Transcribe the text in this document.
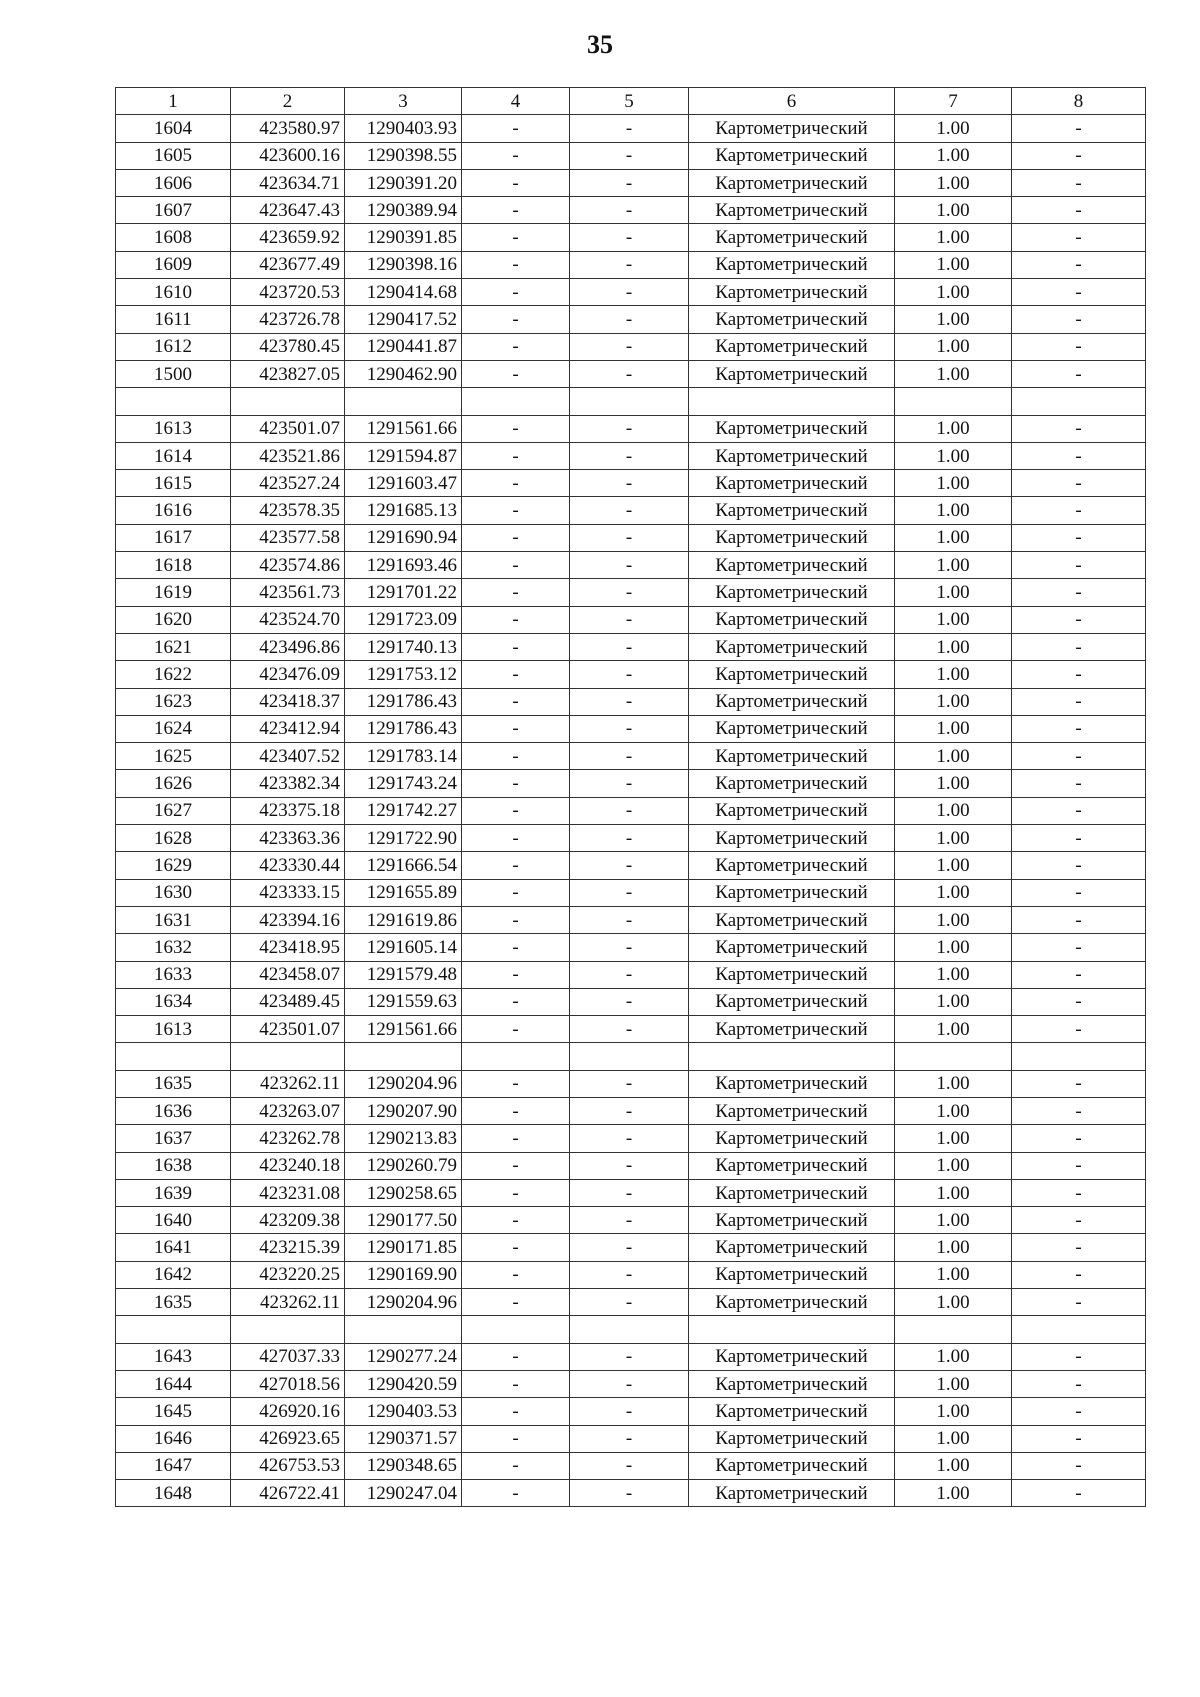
35
1	2	3	4	5	6	7	8
1604	423580.97	1290403.93	-	-	Картометрический	1.00	-
1605	423600.16	1290398.55	-	-	Картометрический	1.00	-
1606	423634.71	1290391.20	-	-	Картометрический	1.00	-
1607	423647.43	1290389.94	-	-	Картометрический	1.00	-
1608	423659.92	1290391.85	-	-	Картометрический	1.00	-
1609	423677.49	1290398.16	-	-	Картометрический	1.00	-
1610	423720.53	1290414.68	-	-	Картометрический	1.00	-
1611	423726.78	1290417.52	-	-	Картометрический	1.00	-
1612	423780.45	1290441.87	-	-	Картометрический	1.00	-
1500	423827.05	1290462.90	-	-	Картометрический	1.00	-

1613	423501.07	1291561.66	-	-	Картометрический	1.00	-
1614	423521.86	1291594.87	-	-	Картометрический	1.00	-
1615	423527.24	1291603.47	-	-	Картометрический	1.00	-
1616	423578.35	1291685.13	-	-	Картометрический	1.00	-
1617	423577.58	1291690.94	-	-	Картометрический	1.00	-
1618	423574.86	1291693.46	-	-	Картометрический	1.00	-
1619	423561.73	1291701.22	-	-	Картометрический	1.00	-
1620	423524.70	1291723.09	-	-	Картометрический	1.00	-
1621	423496.86	1291740.13	-	-	Картометрический	1.00	-
1622	423476.09	1291753.12	-	-	Картометрический	1.00	-
1623	423418.37	1291786.43	-	-	Картометрический	1.00	-
1624	423412.94	1291786.43	-	-	Картометрический	1.00	-
1625	423407.52	1291783.14	-	-	Картометрический	1.00	-
1626	423382.34	1291743.24	-	-	Картометрический	1.00	-
1627	423375.18	1291742.27	-	-	Картометрический	1.00	-
1628	423363.36	1291722.90	-	-	Картометрический	1.00	-
1629	423330.44	1291666.54	-	-	Картометрический	1.00	-
1630	423333.15	1291655.89	-	-	Картометрический	1.00	-
1631	423394.16	1291619.86	-	-	Картометрический	1.00	-
1632	423418.95	1291605.14	-	-	Картометрический	1.00	-
1633	423458.07	1291579.48	-	-	Картометрический	1.00	-
1634	423489.45	1291559.63	-	-	Картометрический	1.00	-
1613	423501.07	1291561.66	-	-	Картометрический	1.00	-

1635	423262.11	1290204.96	-	-	Картометрический	1.00	-
1636	423263.07	1290207.90	-	-	Картометрический	1.00	-
1637	423262.78	1290213.83	-	-	Картометрический	1.00	-
1638	423240.18	1290260.79	-	-	Картометрический	1.00	-
1639	423231.08	1290258.65	-	-	Картометрический	1.00	-
1640	423209.38	1290177.50	-	-	Картометрический	1.00	-
1641	423215.39	1290171.85	-	-	Картометрический	1.00	-
1642	423220.25	1290169.90	-	-	Картометрический	1.00	-
1635	423262.11	1290204.96	-	-	Картометрический	1.00	-

1643	427037.33	1290277.24	-	-	Картометрический	1.00	-
1644	427018.56	1290420.59	-	-	Картометрический	1.00	-
1645	426920.16	1290403.53	-	-	Картометрический	1.00	-
1646	426923.65	1290371.57	-	-	Картометрический	1.00	-
1647	426753.53	1290348.65	-	-	Картометрический	1.00	-
1648	426722.41	1290247.04	-	-	Картометрический	1.00	-
